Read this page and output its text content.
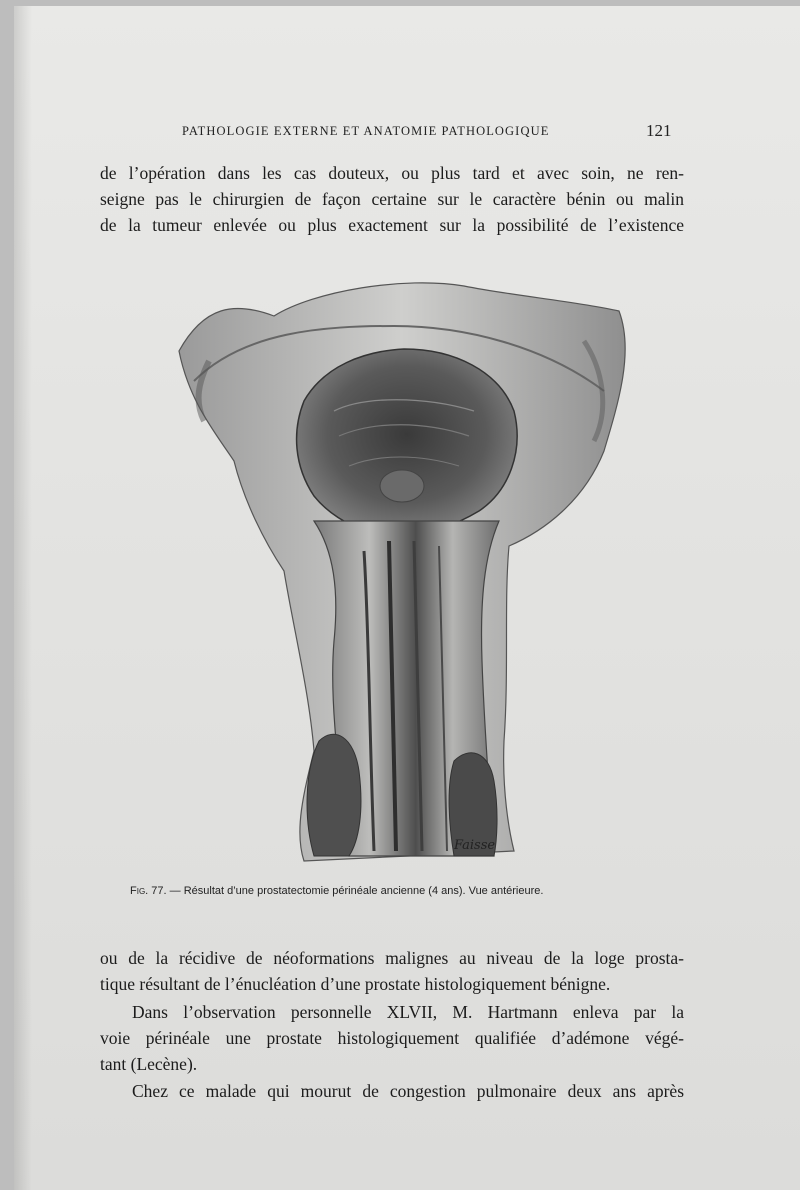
PATHOLOGIE EXTERNE ET ANATOMIE PATHOLOGIQUE	121
de l’opération dans les cas douteux, ou plus tard et avec soin, ne ren-
seigne pas le chirurgien de façon certaine sur le caractère bénin ou malin
de la tumeur enlevée ou plus exactement sur la possibilité de l’existence
Faisse
Fig. 77. — Résultat d’une prostatectomie périnéale ancienne (4 ans). Vue antérieure.
ou de la récidive de néoformations malignes au niveau de la loge prosta-
tique résultant de l’énucléation d’une prostate histologiquement bénigne.
Dans l’observation personnelle XLVII, M. Hartmann enleva par la
voie périnéale une prostate histologiquement qualifiée d’adémone végé-
tant (Lecène).
Chez ce malade qui mourut de congestion pulmonaire deux ans après
